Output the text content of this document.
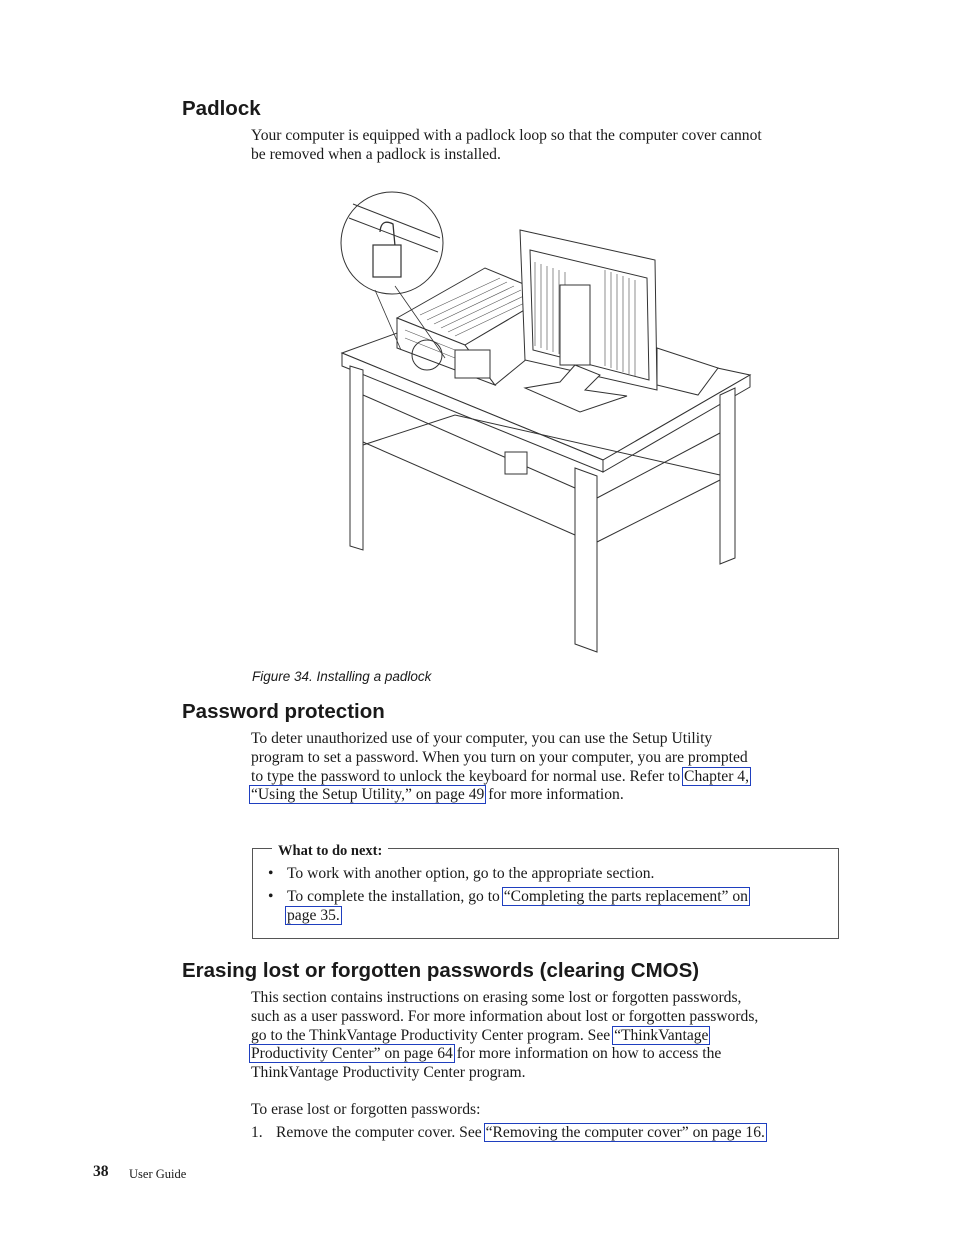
Padlock

Your computer is equipped with a padlock loop so that the computer cover cannot
be removed when a padlock is installed.

Figure 34. Installing a padlock

Password protection

To deter unauthorized use of your computer, you can use the Setup Utility
program to set a password. When you turn on your computer, you are prompted
to type the password to unlock the keyboard for normal use. Refer to Chapter 4,
“Using the Setup Utility,” on page 49 for more information.

What to do next:

• To work with another option, go to the appropriate section.

• To complete the installation, go to “Completing the parts replacement” on
page 35.

Erasing lost or forgotten passwords (clearing CMOS)

This section contains instructions on erasing some lost or forgotten passwords,
such as a user password. For more information about lost or forgotten passwords,
go to the ThinkVantage Productivity Center program. See “ThinkVantage
Productivity Center” on page 64 for more information on how to access the
ThinkVantage Productivity Center program.

To erase lost or forgotten passwords:

1. Remove the computer cover. See “Removing the computer cover” on page 16.

38 User Guide
